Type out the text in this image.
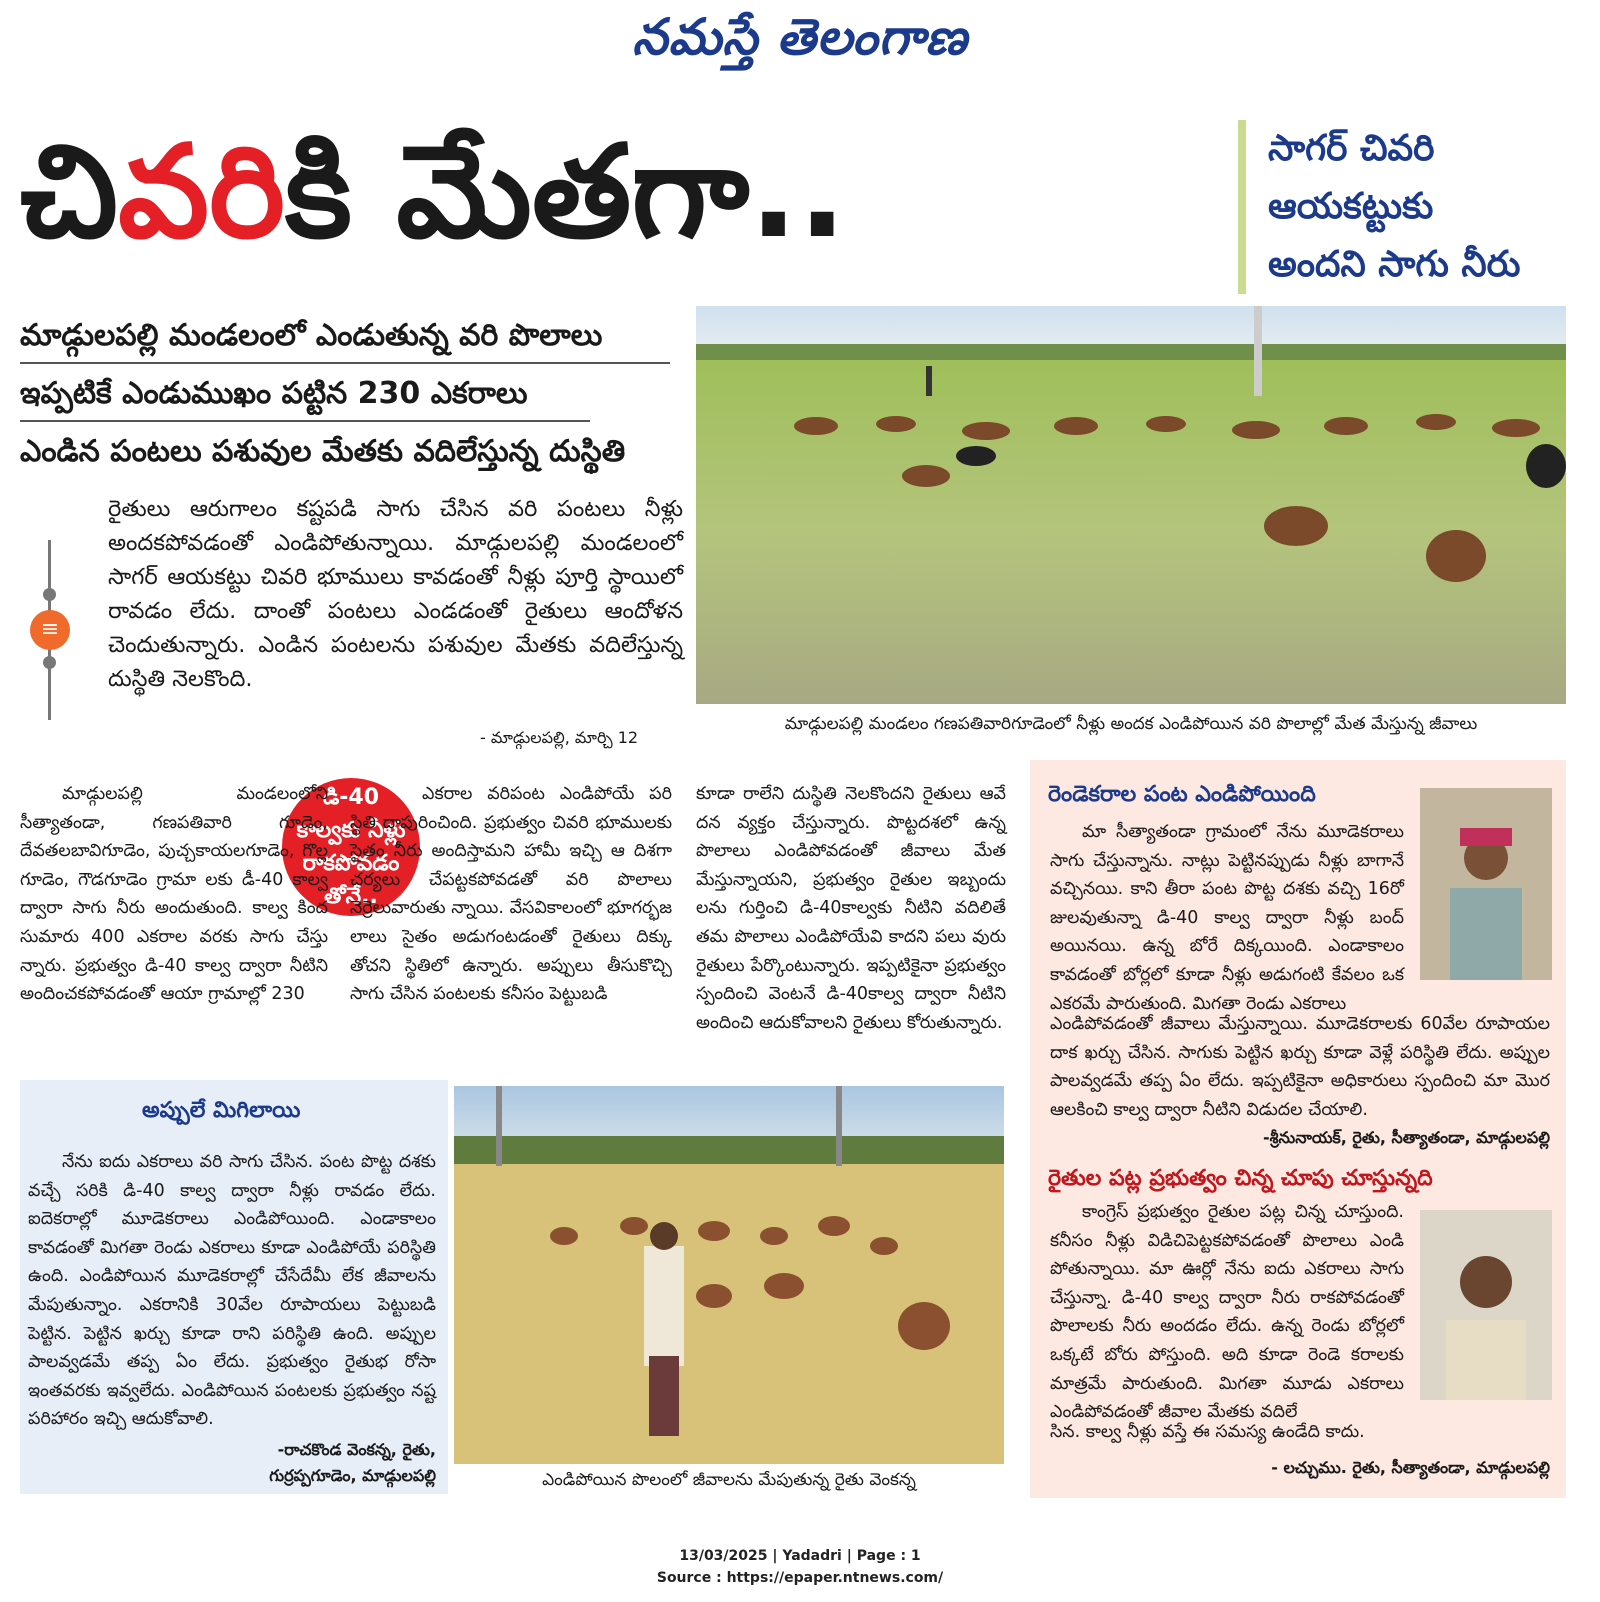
నమస్తే తెలంగాణ
చివరికి మేతగా..	సాగర్ చివరి
ఆయకట్టుకు
అందని సాగు నీరు
మాడ్గులపల్లి మండలంలో ఎండుతున్న వరి పొలాలు
ఇప్పటికే ఎండుముఖం పట్టిన 230 ఎకరాలు
ఎండిన పంటలు పశువుల మేతకు వదిలేస్తున్న దుస్థితి
≡
రైతులు ఆరుగాలం కష్టపడి సాగు చేసిన వరి పంటలు నీళ్లు అందకపోవడంతో ఎండిపోతున్నాయి. మాడ్గులపల్లి మండలంలో సాగర్ ఆయకట్టు చివరి భూములు కావడంతో నీళ్లు పూర్తి స్థాయిలో రావడం లేదు. దాంతో పంటలు ఎండడంతో రైతులు ఆందోళన చెందుతున్నారు. ఎండిన పంటలను పశువుల మేతకు వదిలేస్తున్న దుస్థితి నెలకొంది.
- మాడ్గులపల్లి, మార్చి 12
మాడ్గులపల్లి మండలం గణపతివారిగూడెంలో నీళ్లు అందక ఎండిపోయిన వరి పొలాల్లో మేత మేస్తున్న జీవాలు
డి-40
కాల్వకు నీళ్లు
రాకపోవడం
తోనే..
మాడ్గులపల్లి మండలంలోని సీత్యాతండా, గణపతివారి గూడెం, దేవతలబావిగూడెం, పుచ్చకాయలగూడెం, గొల్ల గూడెం, గౌడగూడెం గ్రామా లకు డీ-40 కాల్వ ద్వారా సాగు నీరు అందుతుంది. కాల్వ కింద సుమారు 400 ఎకరాల వరకు సాగు చేస్తు న్నారు. ప్రభుత్వం డి-40 కాల్వ ద్వారా నీటిని అందించకపోవడంతో ఆయా గ్రామాల్లో 230
ఎకరాల వరిపంట ఎండిపోయే పరి స్థితి దాపురించింది. ప్రభుత్వం చివరి భూములకు సైతం నీరు అందిస్తామని హామీ ఇచ్చి ఆ దిశగా చర్యలు చేపట్టకపోవడతో వరి పొలాలు నెర్రెలువారుతు న్నాయి. వేసవికాలంలో భూగర్భజ లాలు సైతం అడుగంటడంతో రైతులు దిక్కు తోచని స్థితిలో ఉన్నారు. అప్పులు తీసుకొచ్చి సాగు చేసిన పంటలకు కనీసం పెట్టుబడి
కూడా రాలేని దుస్థితి నెలకొందని రైతులు ఆవే దన వ్యక్తం చేస్తున్నారు. పొట్టదశలో ఉన్న పొలాలు ఎండిపోవడంతో జీవాలు మేత మేస్తున్నాయని, ప్రభుత్వం రైతుల ఇబ్బందు లను గుర్తించి డి-40కాల్వకు నీటిని వదిలితే తమ పొలాలు ఎండిపోయేవి కాదని పలు వురు రైతులు పేర్కొంటున్నారు. ఇప్పటికైనా ప్రభుత్వం స్పందించి వెంటనే డి-40కాల్వ ద్వారా నీటిని అందించి ఆదుకోవాలని రైతులు కోరుతున్నారు.
అప్పులే మిగిలాయి
నేను ఐదు ఎకరాలు వరి సాగు చేసిన. పంట పొట్ట దశకు వచ్చే సరికి డి-40 కాల్వ ద్వారా నీళ్లు రావడం లేదు. ఐదెకరాల్లో మూడెకరాలు ఎండిపోయింది. ఎండాకాలం కావడంతో మిగతా రెండు ఎకరాలు కూడా ఎండిపోయే పరిస్థితి ఉంది. ఎండిపోయిన మూడెకరాల్లో చేసేదేమీ లేక జీవాలను మేపుతున్నాం. ఎకరానికి 30వేల రూపాయలు పెట్టుబడి పెట్టిన. పెట్టిన ఖర్చు కూడా రాని పరిస్థితి ఉంది. అప్పుల పాలవ్వడమే తప్ప ఏం లేదు. ప్రభుత్వం రైతుభ రోసా ఇంతవరకు ఇవ్వలేదు. ఎండిపోయిన పంటలకు ప్రభుత్వం నష్ట పరిహారం ఇచ్చి ఆదుకోవాలి.
-రాచకొండ వెంకన్న, రైతు,
గుర్రప్పగూడెం, మాడ్గులపల్లి	ఎండిపోయిన పొలంలో జీవాలను మేపుతున్న రైతు వెంకన్న
రెండెకరాల పంట ఎండిపోయింది
మా సీత్యాతండా గ్రామంలో నేను మూడెకరాలు సాగు చేస్తున్నాను. నాట్లు పెట్టినప్పుడు నీళ్లు బాగానే వచ్చినయి. కాని తీరా పంట పొట్ట దశకు వచ్చి 16రో జులవుతున్నా డి-40 కాల్వ ద్వారా నీళ్లు బంద్ అయినయి. ఉన్న బోరే దిక్కయింది. ఎండాకాలం కావడంతో బోర్లలో కూడా నీళ్లు అడుగంటి కేవలం ఒక ఎకరమే పారుతుంది. మిగతా రెండు ఎకరాలు
ఎండిపోవడంతో జీవాలు మేస్తున్నాయి. మూడెకరాలకు 60వేల రూపాయల దాక ఖర్చు చేసిన. సాగుకు పెట్టిన ఖర్చు కూడా వెళ్లే పరిస్థితి లేదు. అప్పుల పాలవ్వడమే తప్ప ఏం లేదు. ఇప్పటికైనా అధికారులు స్పందించి మా మొర ఆలకించి కాల్వ ద్వారా నీటిని విడుదల చేయాలి.
-శ్రీనునాయక్, రైతు, సీత్యాతండా, మాడ్గులపల్లి
రైతుల పట్ల ప్రభుత్వం చిన్న చూపు చూస్తున్నది
కాంగ్రెస్ ప్రభుత్వం రైతుల పట్ల చిన్న చూస్తుంది. కనీసం నీళ్లు విడిచిపెట్టకపోవడంతో పొలాలు ఎండి పోతున్నాయి. మా ఊర్లో నేను ఐదు ఎకరాలు సాగు చేస్తున్నా. డి-40 కాల్వ ద్వారా నీరు రాకపోవడంతో పొలాలకు నీరు అందడం లేదు. ఉన్న రెండు బోర్లలో ఒక్కటే బోరు పోస్తుంది. అది కూడా రెండె కరాలకు మాత్రమే పారుతుంది. మిగతా మూడు ఎకరాలు ఎండిపోవడంతో జీవాల మేతకు వదిలే
సిన. కాల్వ నీళ్లు వస్తే ఈ సమస్య ఉండేది కాదు.
- లచ్చుము. రైతు, సీత్యాతండా, మాడ్గులపల్లి
13/03/2025 | Yadadri | Page : 1
Source : https://epaper.ntnews.com/
